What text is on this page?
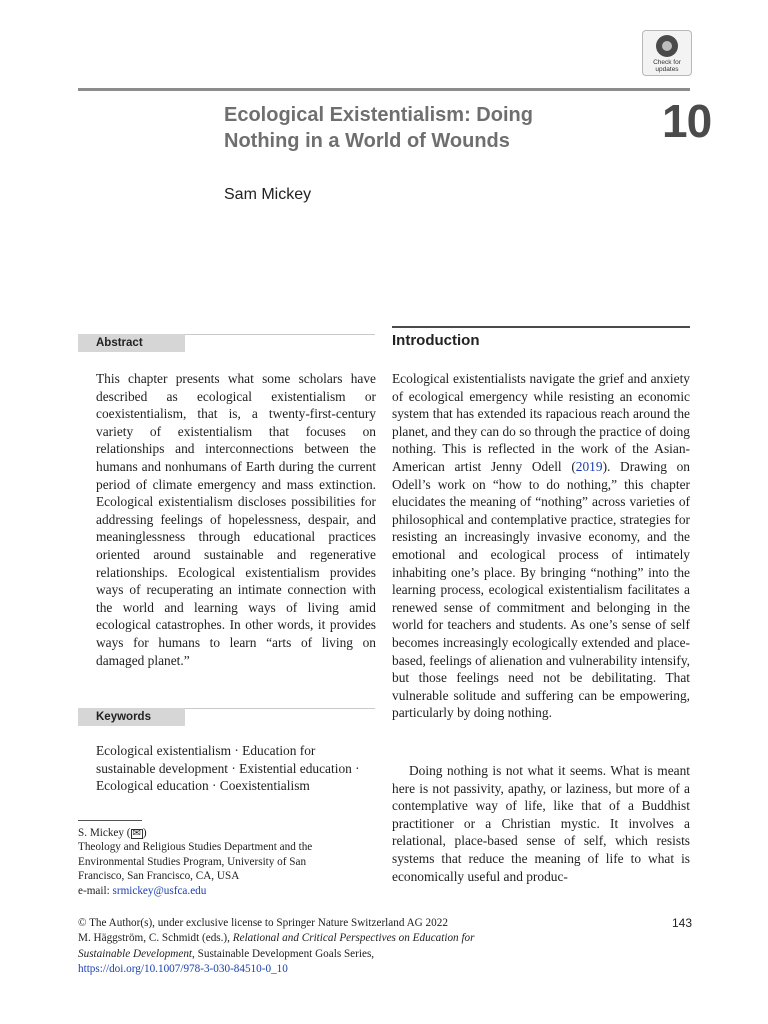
Check for updates
Ecological Existentialism: Doing
Nothing in a World of Wounds	10
Sam Mickey
Abstract
This chapter presents what some scholars have described as ecological existentialism or coexistentialism, that is, a twenty-first-century variety of existentialism that focuses on relationships and interconnections between the humans and nonhumans of Earth during the current period of climate emergency and mass extinction. Ecological existentialism discloses possibilities for addressing feelings of hopelessness, despair, and meaninglessness through educational practices oriented around sustainable and regenerative relationships. Ecological existentialism provides ways of recuperating an intimate connection with the world and learning ways of living amid ecological catastrophes. In other words, it provides ways for humans to learn “arts of living on damaged planet.”
Keywords
Ecological existentialism · Education for sustainable development · Existential education · Ecological education · Coexistentialism
Introduction
Ecological existentialists navigate the grief and anxiety of ecological emergency while resisting an economic system that has extended its rapacious reach around the planet, and they can do so through the practice of doing nothing. This is reflected in the work of the Asian-American artist Jenny Odell (2019). Drawing on Odell’s work on “how to do nothing,” this chapter elucidates the meaning of “nothing” across varieties of philosophical and contemplative practice, strategies for resisting an increasingly invasive economy, and the emotional and ecological process of intimately inhabiting one’s place. By bringing “nothing” into the learning process, ecological existentialism facilitates a renewed sense of commitment and belonging in the world for teachers and students. As one’s sense of self becomes increasingly ecologically extended and place-based, feelings of alienation and vulnerability intensify, but those feelings need not be debilitating. That vulnerable solitude and suffering can be empowering, particularly by doing nothing.
Doing nothing is not what it seems. What is meant here is not passivity, apathy, or laziness, but more of a contemplative way of life, like that of a Buddhist practitioner or a Christian mystic. It involves a relational, place-based sense of self, which resists systems that reduce the meaning of life to what is economically useful and produc-
S. Mickey ( ✉ )
Theology and Religious Studies Department and the
Environmental Studies Program, University of San
Francisco, San Francisco, CA, USA
e-mail: srmickey@usfca.edu
© The Author(s), under exclusive license to Springer Nature Switzerland AG 2022
M. Häggström, C. Schmidt (eds.), Relational and Critical Perspectives on Education for
Sustainable Development, Sustainable Development Goals Series,
https://doi.org/10.1007/978-3-030-84510-0_10
143
